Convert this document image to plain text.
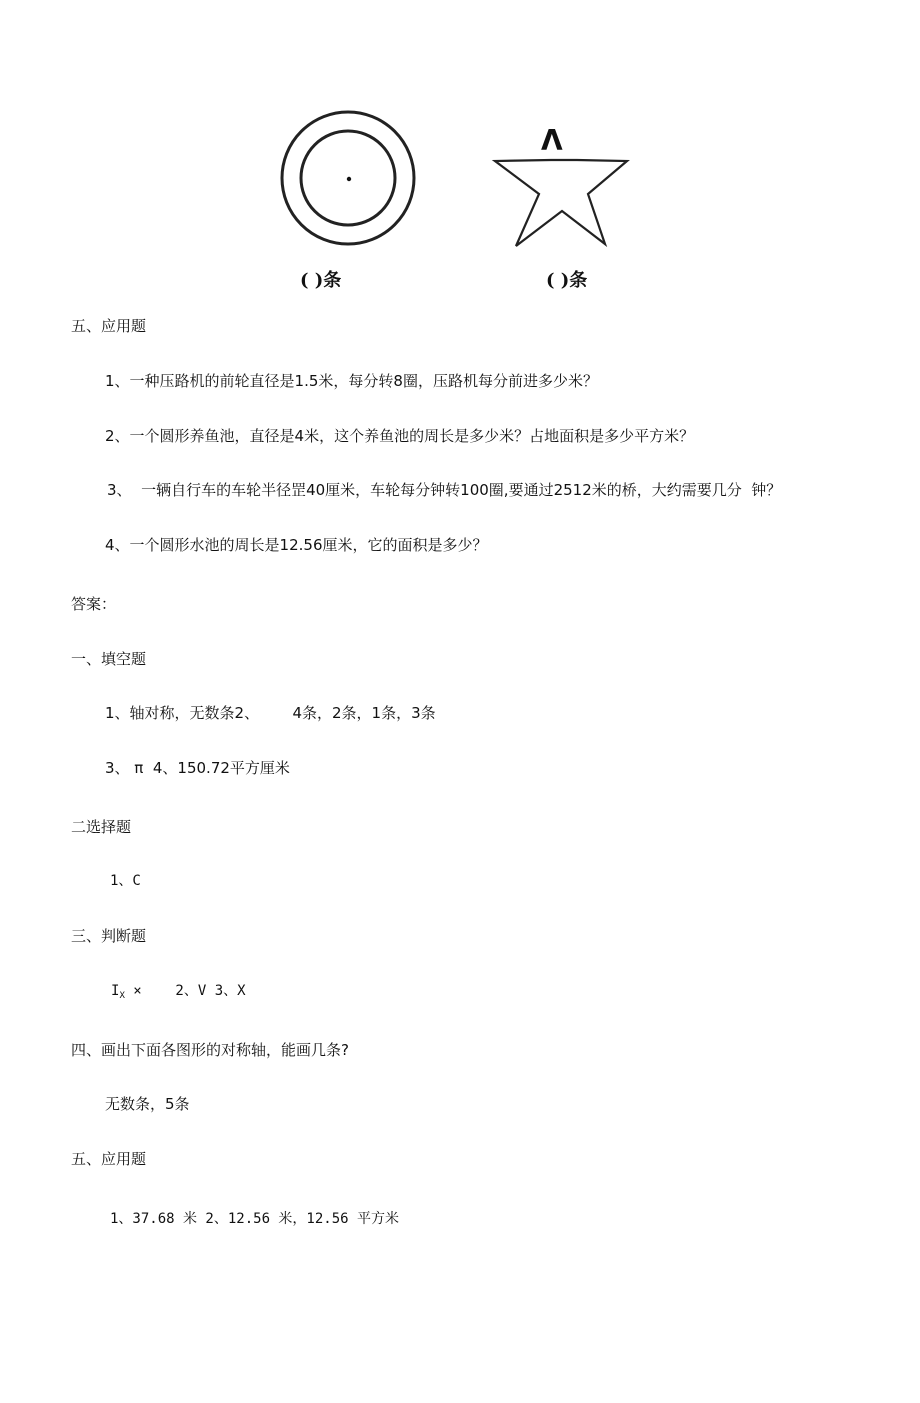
Λ
( )条	( )条
五、应用题
1、一种压路机的前轮直径是1.5米，每分转8圈，压路机每分前进多少米？
2、一个圆形养鱼池，直径是4米，这个养鱼池的周长是多少米？占地面积是多少平方米？
3、  一辆自行车的车轮半径罡40厘米，车轮每分钟转100圈,要通过2512米的桥，大约需要几分  钟？
4、一个圆形水池的周长是12.56厘米，它的面积是多少？
答案：
一、填空题
1、轴对称，无数条2、       4条，2条，1条，3条
3、 π  4、150.72平方厘米
二选择题
1、C
三、判断题
$I_X$ ×    2、V 3、X
四、画出下面各图形的对称轴，能画几条?
无数条，5条
五、应用题
1、37.68 米 2、12.56 米，12.56 平方米
